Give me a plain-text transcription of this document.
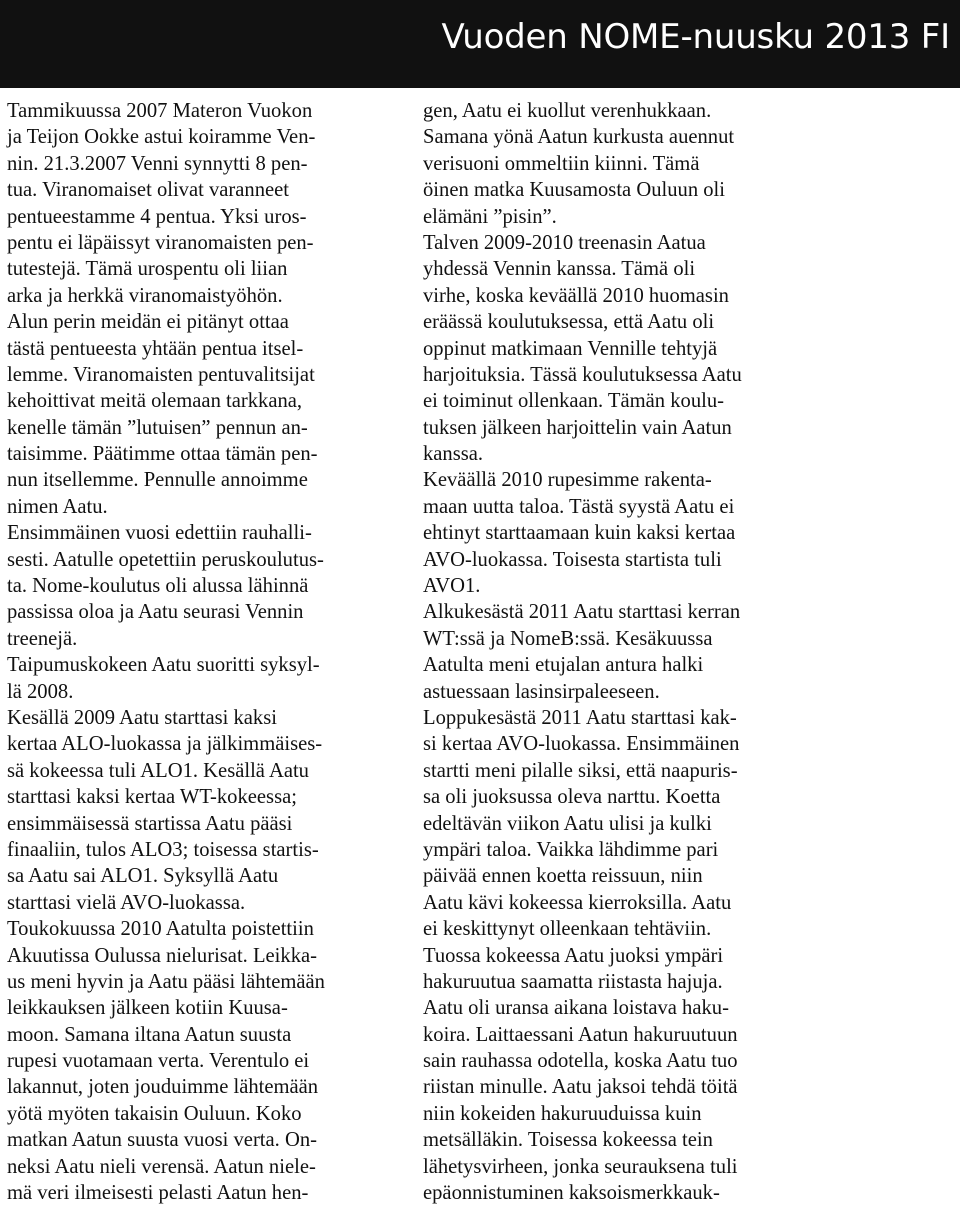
Vuoden NOME-nuusku 2013 FI
Tammikuussa 2007 Materon Vuokon
ja Teijon Ookke astui koiramme Ven-
nin. 21.3.2007 Venni synnytti 8 pen-
tua. Viranomaiset olivat varanneet
pentueestamme 4 pentua. Yksi uros-
pentu ei läpäissyt viranomaisten pen-
tutestejä. Tämä urospentu oli liian
arka ja herkkä viranomaistyöhön.
Alun perin meidän ei pitänyt ottaa
tästä pentueesta yhtään pentua itsel-
lemme. Viranomaisten pentuvalitsijat
kehoittivat meitä olemaan tarkkana,
kenelle tämän ”lutuisen” pennun an-
taisimme. Päätimme ottaa tämän pen-
nun itsellemme. Pennulle annoimme
nimen Aatu.
Ensimmäinen vuosi edettiin rauhalli-
sesti. Aatulle opetettiin peruskoulutus-
ta. Nome-koulutus oli alussa lähinnä
passissa oloa ja Aatu seurasi Vennin
treenejä.
Taipumuskokeen Aatu suoritti syksyl-
lä 2008.
Kesällä 2009 Aatu starttasi kaksi
kertaa ALO-luokassa ja jälkimmäises-
sä kokeessa tuli ALO1. Kesällä Aatu
starttasi kaksi kertaa WT-kokeessa;
ensimmäisessä startissa Aatu pääsi
finaaliin, tulos ALO3; toisessa startis-
sa Aatu sai ALO1. Syksyllä Aatu
starttasi vielä AVO-luokassa.
Toukokuussa 2010 Aatulta poistettiin
Akuutissa Oulussa nielurisat. Leikka-
us meni hyvin ja Aatu pääsi lähtemään
leikkauksen jälkeen kotiin Kuusa-
moon. Samana iltana Aatun suusta
rupesi vuotamaan verta. Verentulo ei
lakannut, joten jouduimme lähtemään
yötä myöten takaisin Ouluun. Koko
matkan Aatun suusta vuosi verta. On-
neksi Aatu nieli verensä. Aatun niele-
mä veri ilmeisesti pelasti Aatun hen-
gen, Aatu ei kuollut verenhukkaan.
Samana yönä Aatun kurkusta auennut
verisuoni ommeltiin kiinni. Tämä
öinen matka Kuusamosta Ouluun oli
elämäni ”pisin”.
Talven 2009-2010 treenasin Aatua
yhdessä Vennin kanssa. Tämä oli
virhe, koska keväällä 2010 huomasin
eräässä koulutuksessa, että Aatu oli
oppinut matkimaan Vennille tehtyjä
harjoituksia. Tässä koulutuksessa Aatu
ei toiminut ollenkaan. Tämän koulu-
tuksen jälkeen harjoittelin vain Aatun
kanssa.
Keväällä 2010 rupesimme rakenta-
maan uutta taloa. Tästä syystä Aatu ei
ehtinyt starttaamaan kuin kaksi kertaa
AVO-luokassa. Toisesta startista tuli
AVO1.
Alkukesästä 2011 Aatu starttasi kerran
WT:ssä ja NomeB:ssä. Kesäkuussa
Aatulta meni etujalan antura halki
astuessaan lasinsirpaleeseen.
Loppukesästä 2011 Aatu starttasi kak-
si kertaa AVO-luokassa. Ensimmäinen
startti meni pilalle siksi, että naapuris-
sa oli juoksussa oleva narttu. Koetta
edeltävän viikon Aatu ulisi ja kulki
ympäri taloa. Vaikka lähdimme pari
päivää ennen koetta reissuun, niin
Aatu kävi kokeessa kierroksilla. Aatu
ei keskittynyt olleenkaan tehtäviin.
Tuossa kokeessa Aatu juoksi ympäri
hakuruutua saamatta riistasta hajuja.
Aatu oli uransa aikana loistava haku-
koira. Laittaessani Aatun hakuruutuun
sain rauhassa odotella, koska Aatu tuo
riistan minulle. Aatu jaksoi tehdä töitä
niin kokeiden hakuruuduissa kuin
metsälläkin. Toisessa kokeessa tein
lähetysvirheen, jonka seurauksena tuli
epäonnistuminen kaksoismerkkauk-
